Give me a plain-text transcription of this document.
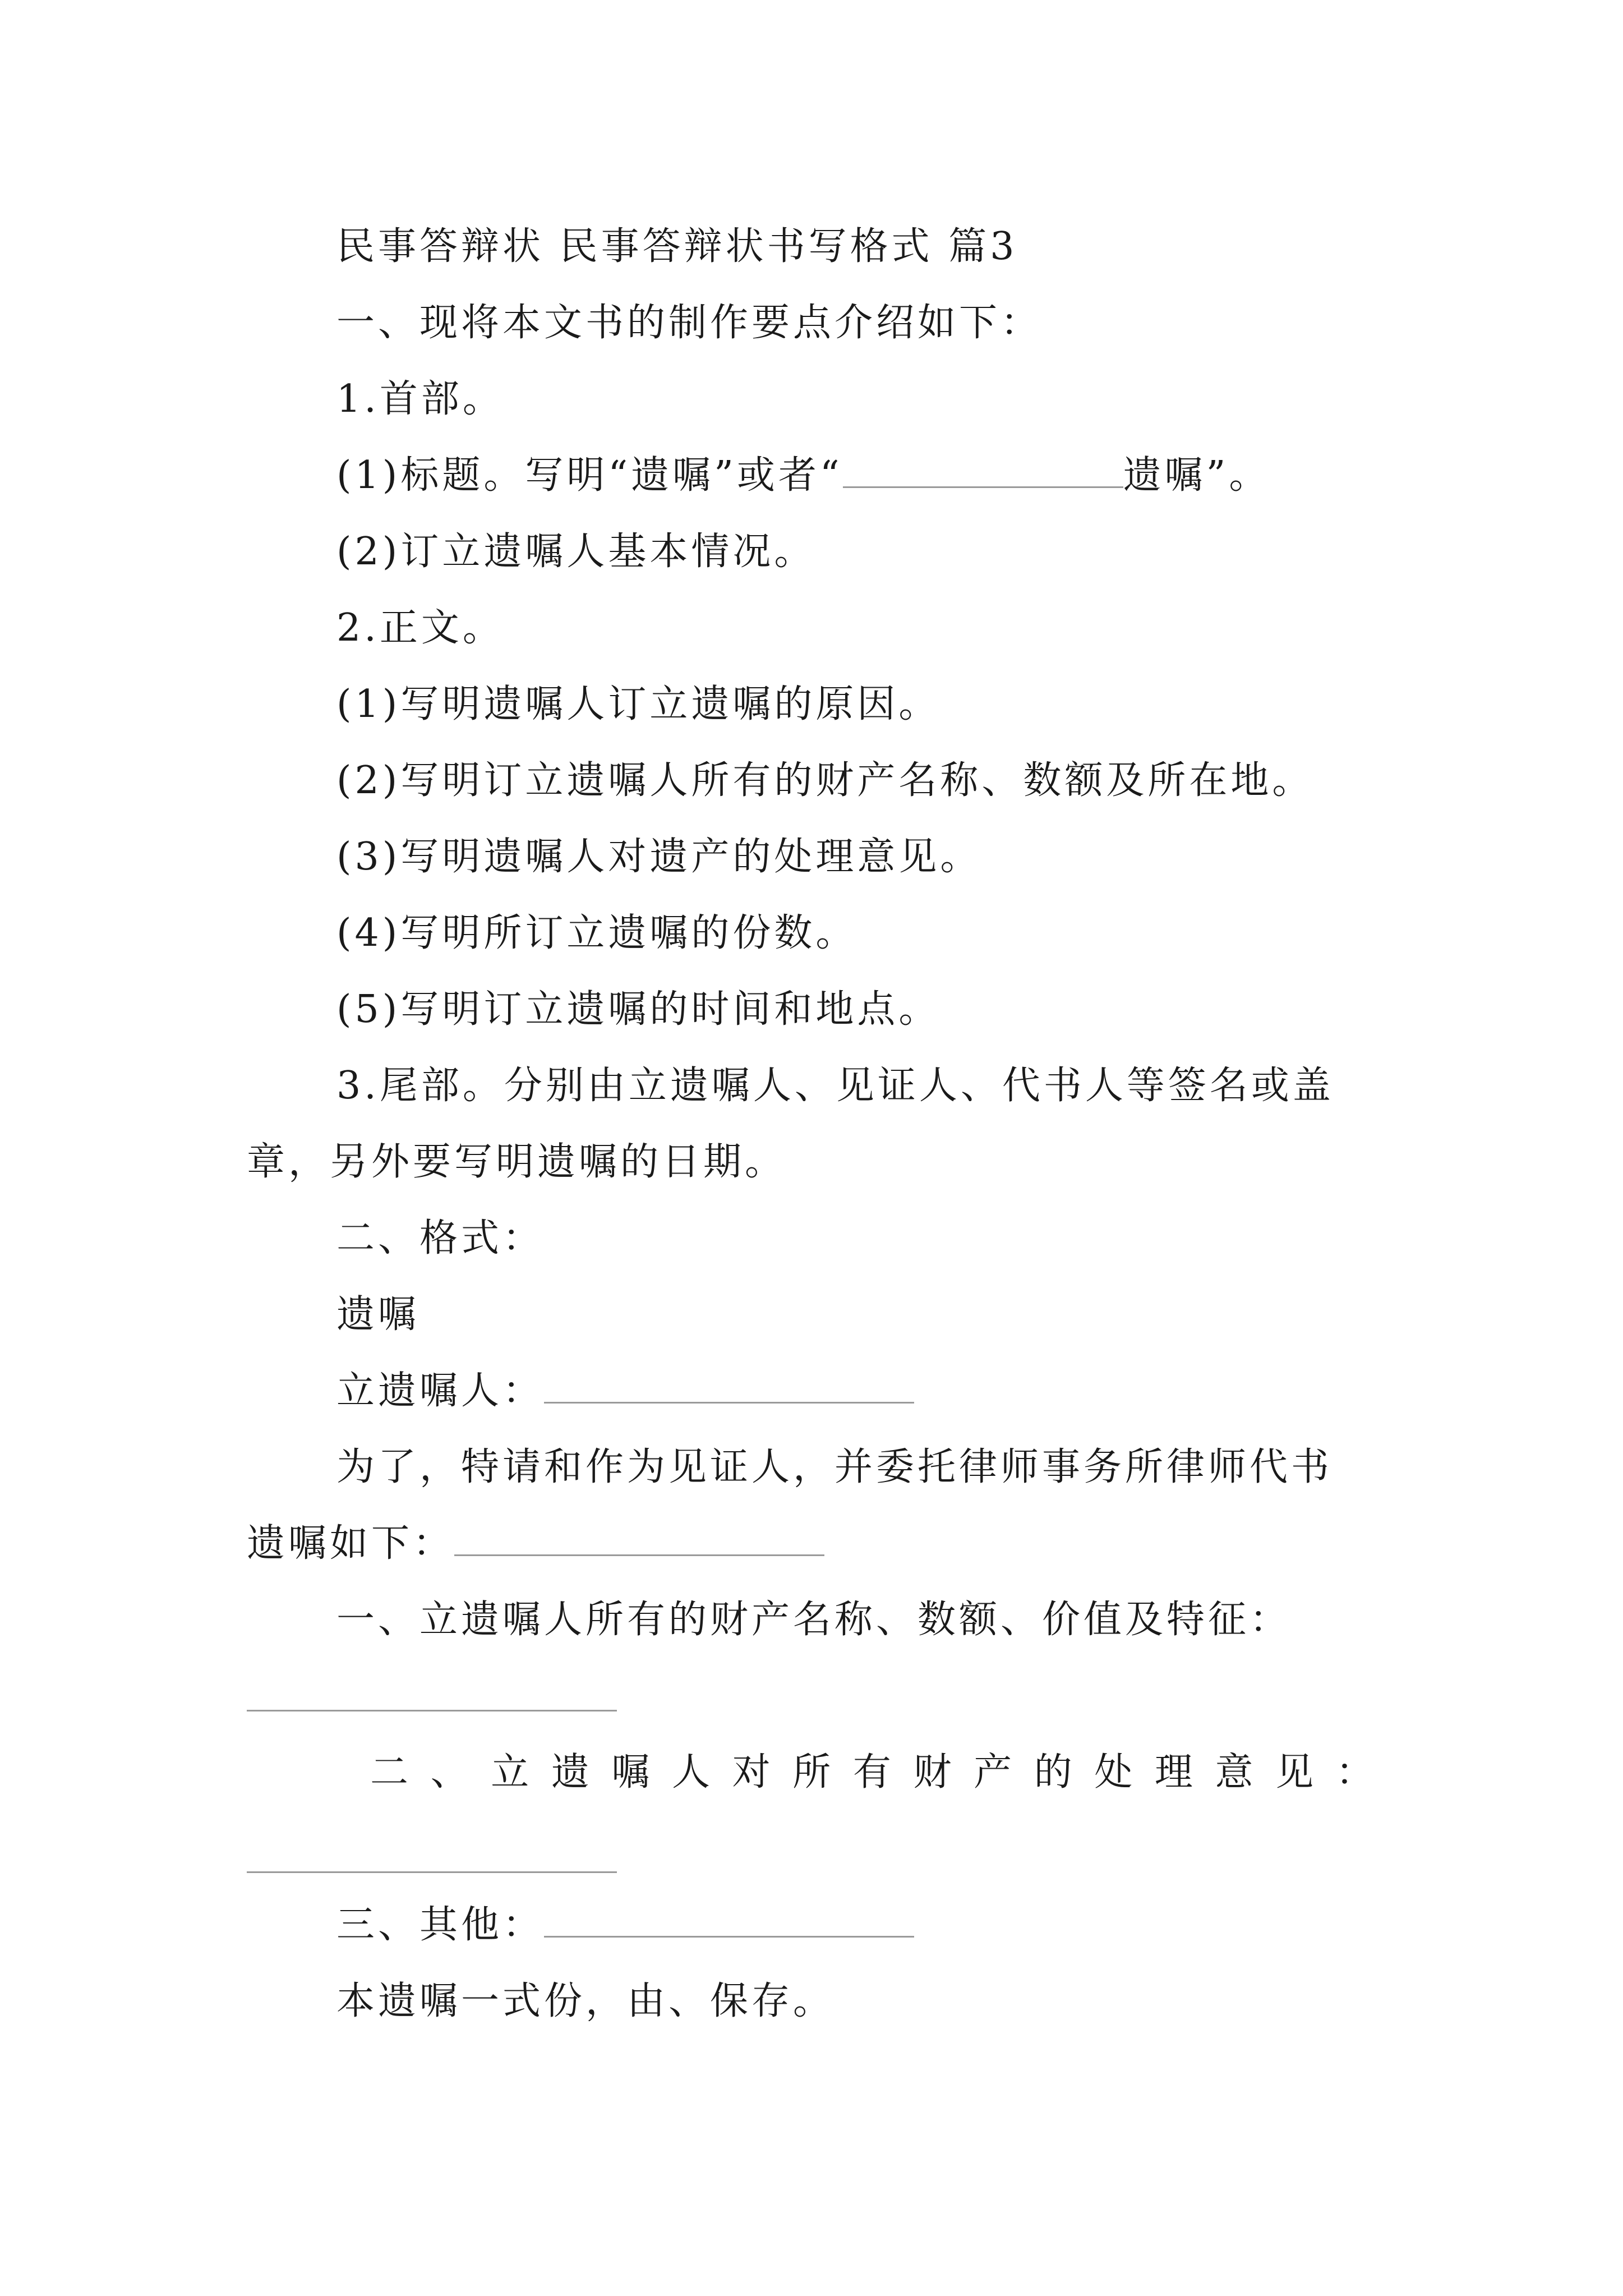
民事答辩状 民事答辩状书写格式 篇3
一、现将本文书的制作要点介绍如下：
1.首部。
(1)标题。写明“遗嘱”或者“	遗嘱”。
(2)订立遗嘱人基本情况。
2.正文。
(1)写明遗嘱人订立遗嘱的原因。
(2)写明订立遗嘱人所有的财产名称、数额及所在地。
(3)写明遗嘱人对遗产的处理意见。
(4)写明所订立遗嘱的份数。
(5)写明订立遗嘱的时间和地点。
3.尾部。分别由立遗嘱人、见证人、代书人等签名或盖
章，另外要写明遗嘱的日期。
二、格式：
遗嘱
立遗嘱人：
为了，特请和作为见证人，并委托律师事务所律师代书
遗嘱如下：
一、立遗嘱人所有的财产名称、数额、价值及特征：
二 、 立 遗 嘱 人 对 所 有 财 产 的 处 理 意 见 ：
三、其他：
本遗嘱一式份，由、保存。
